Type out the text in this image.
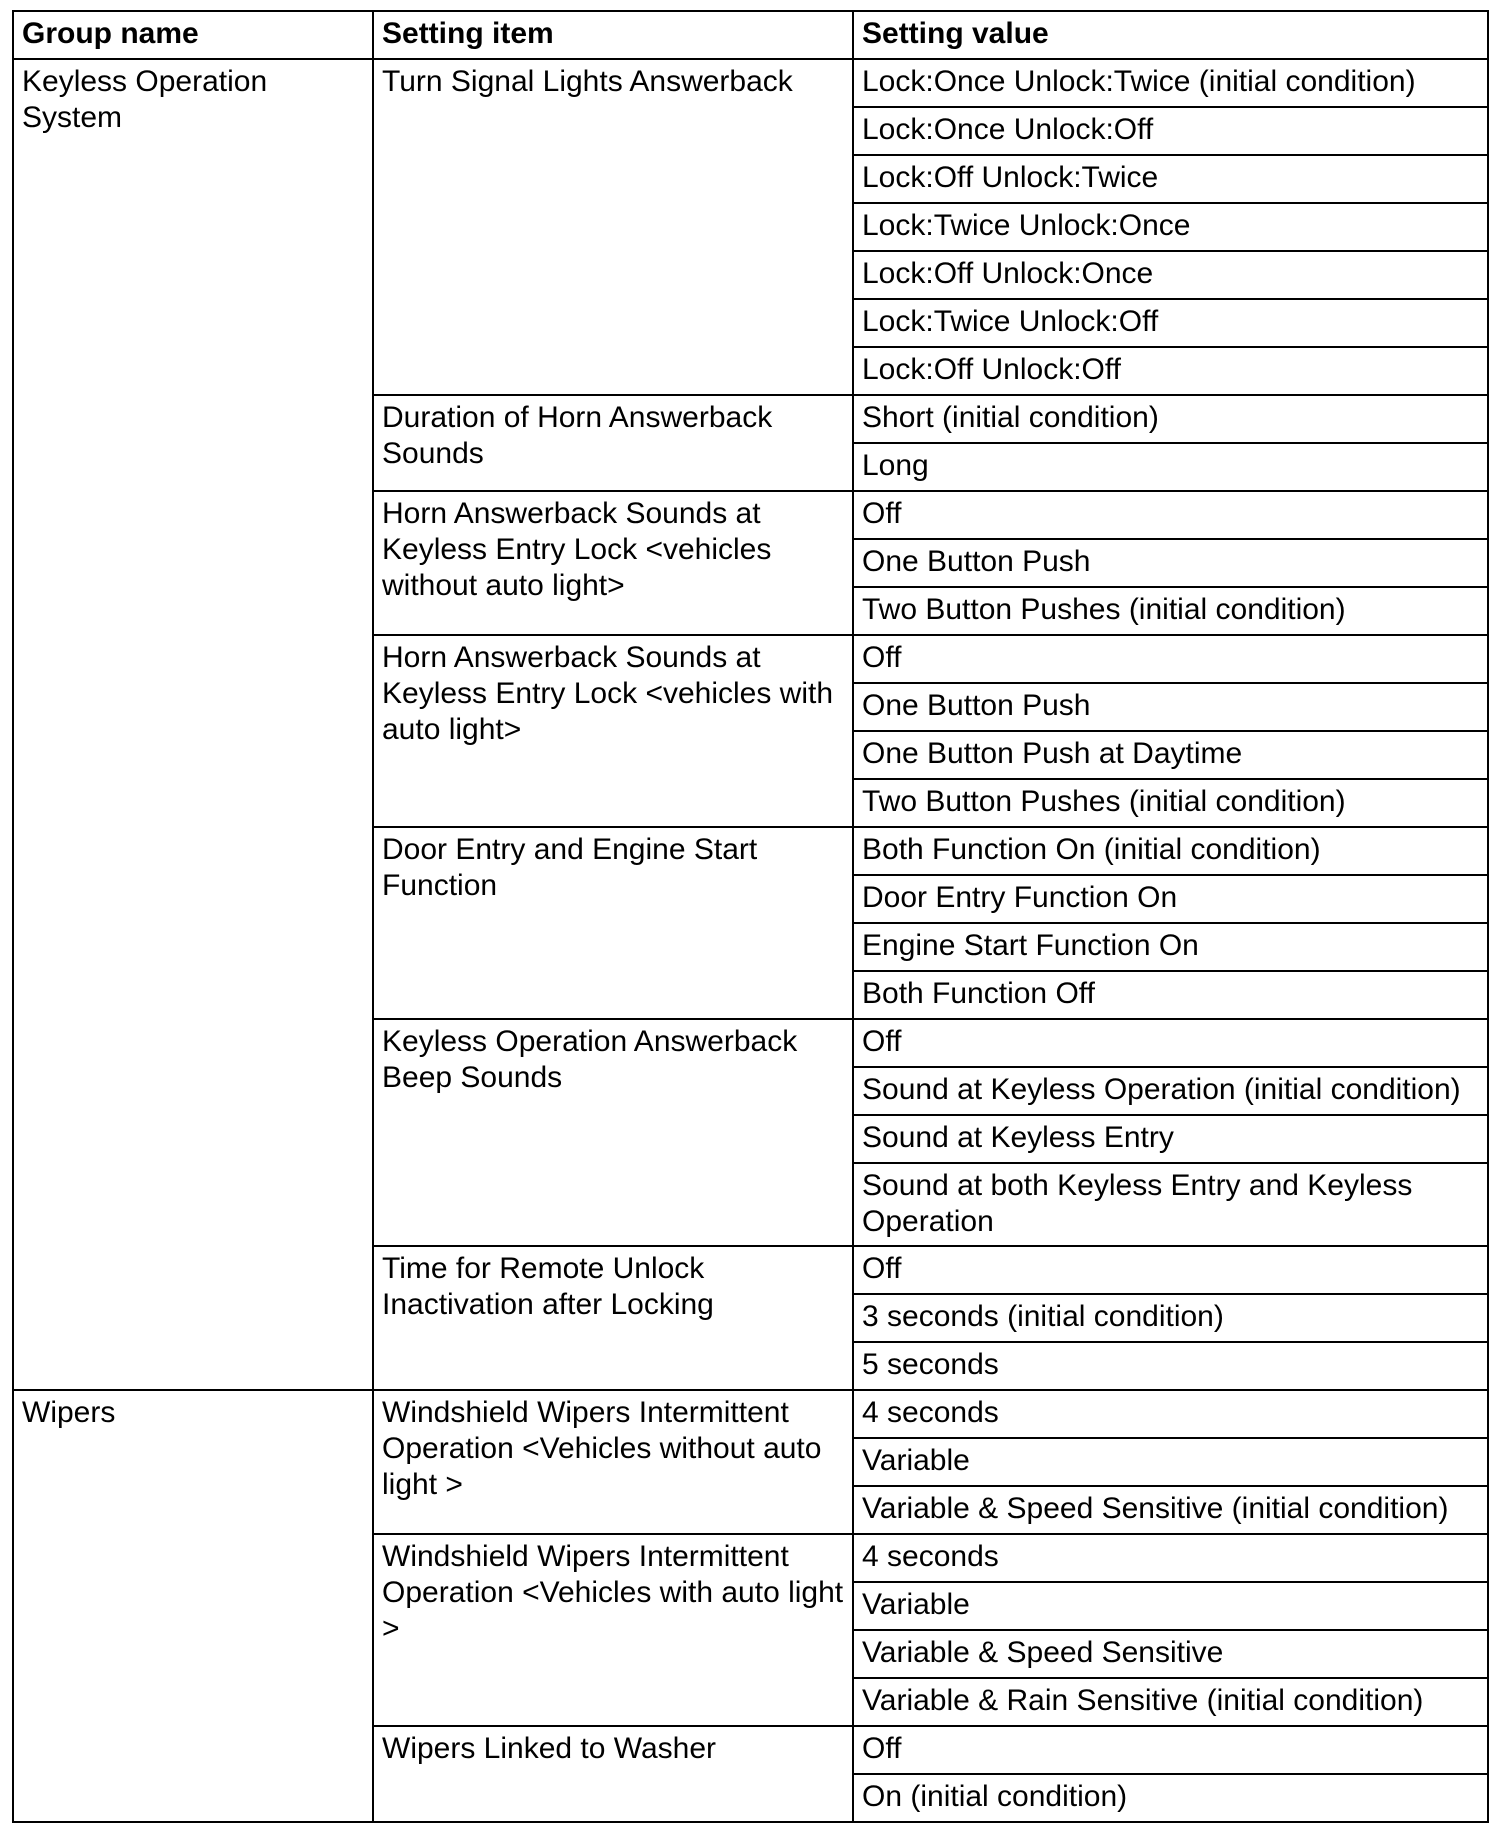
Group name	Setting item	Setting value
Keyless Operation System	Turn Signal Lights Answerback	Lock:Once Unlock:Twice (initial condition)
		Lock:Once Unlock:Off
		Lock:Off Unlock:Twice
		Lock:Twice Unlock:Once
		Lock:Off Unlock:Once
		Lock:Twice Unlock:Off
		Lock:Off Unlock:Off
	Duration of Horn Answerback Sounds	Short (initial condition)
		Long
	Horn Answerback Sounds at Keyless Entry Lock <vehicles without auto light>	Off
		One Button Push
		Two Button Pushes (initial condition)
	Horn Answerback Sounds at Keyless Entry Lock <vehicles with auto light>	Off
		One Button Push
		One Button Push at Daytime
		Two Button Pushes (initial condition)
	Door Entry and Engine Start Function	Both Function On (initial condition)
		Door Entry Function On
		Engine Start Function On
		Both Function Off
	Keyless Operation Answerback Beep Sounds	Off
		Sound at Keyless Operation (initial condition)
		Sound at Keyless Entry
		Sound at both Keyless Entry and Keyless Operation
	Time for Remote Unlock Inactivation after Locking	Off
		3 seconds (initial condition)
		5 seconds
Wipers	Windshield Wipers Intermittent Operation <Vehicles without auto light >	4 seconds
		Variable
		Variable & Speed Sensitive (initial condition)
	Windshield Wipers Intermittent Operation <Vehicles with auto light >	4 seconds
		Variable
		Variable & Speed Sensitive
		Variable & Rain Sensitive (initial condition)
	Wipers Linked to Washer	Off
		On (initial condition)
